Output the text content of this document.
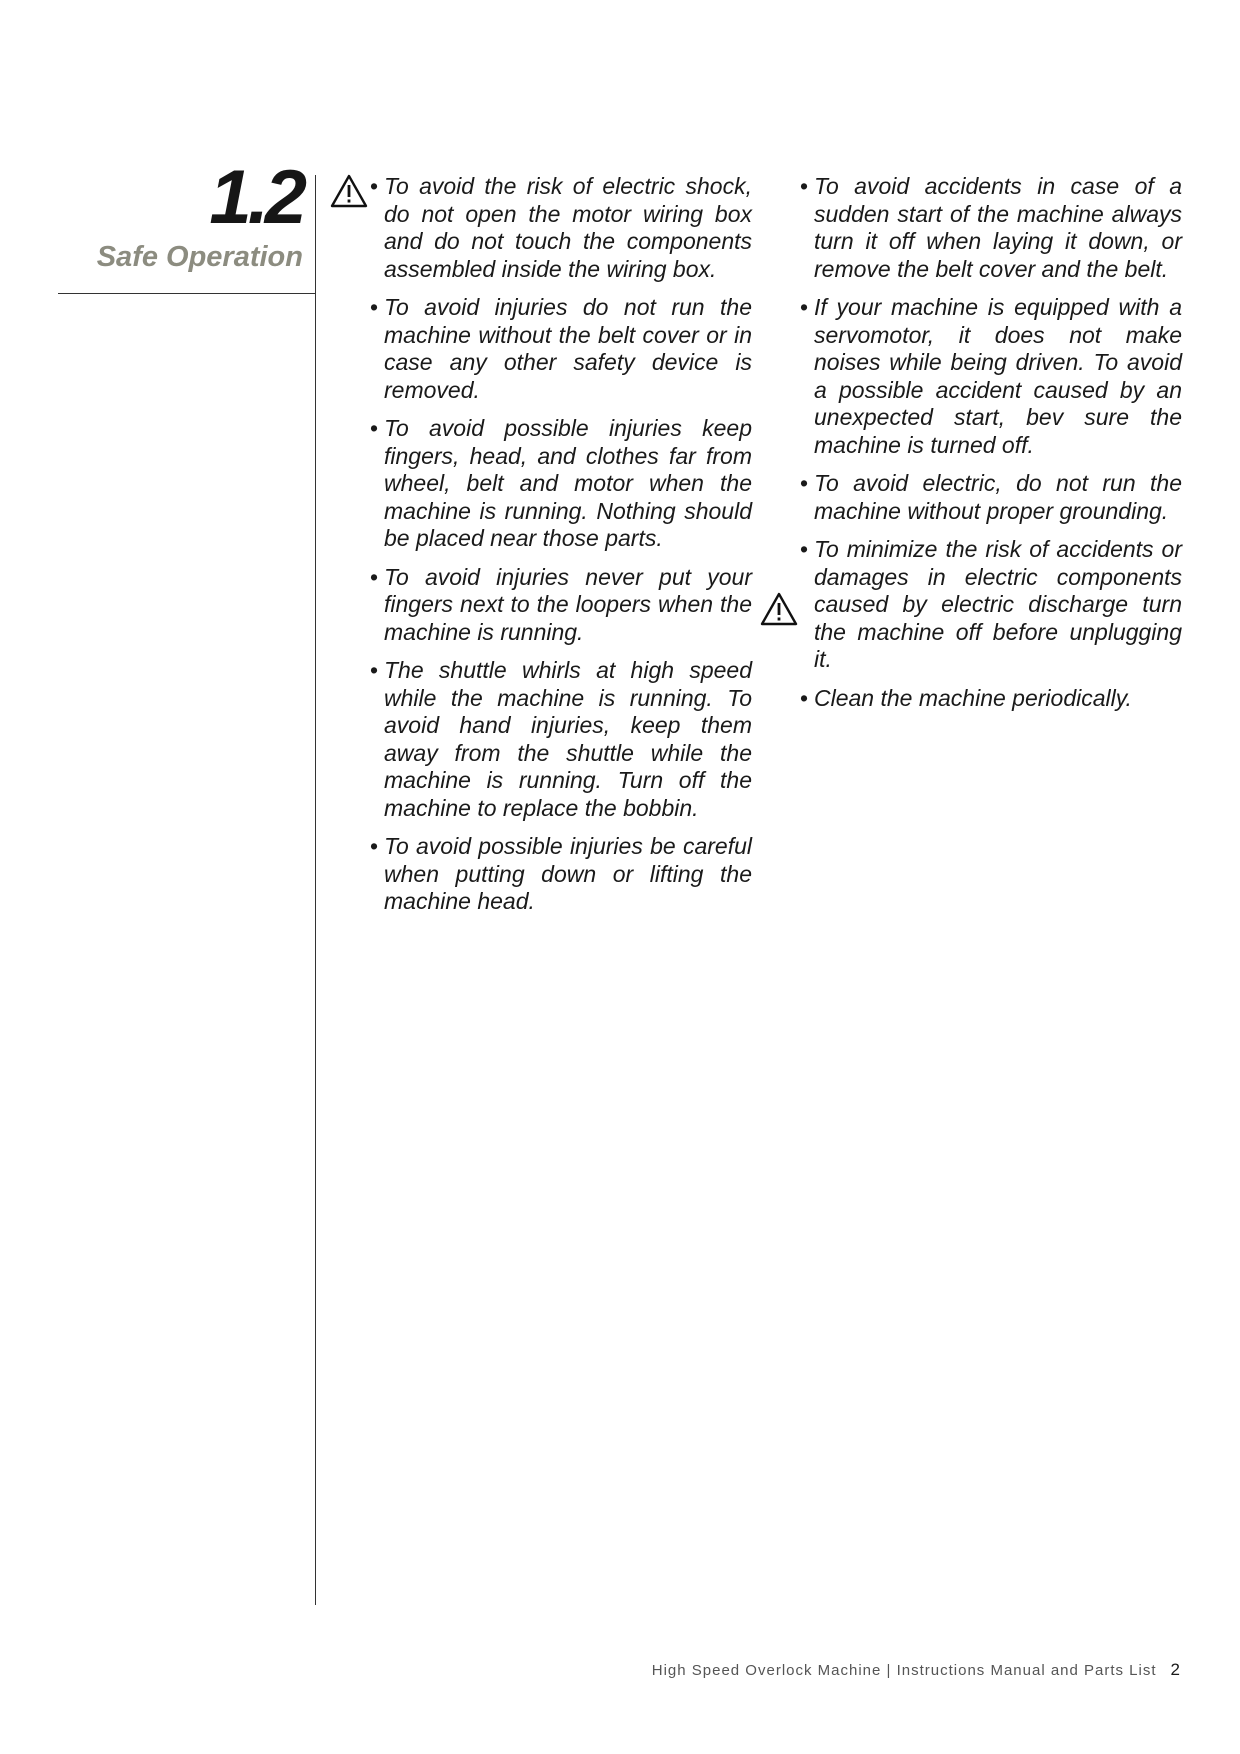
1.2
Safe Operation
• To avoid the risk of electric shock, do not open the motor wiring box and do not touch the components assembled inside the wiring box.
• To avoid injuries do not run the machine without the belt cover or in case any other safety device is removed.
• To avoid possible injuries keep fingers, head, and clothes far from wheel, belt and motor when the machine is running. Nothing should be placed near those parts.
• To avoid injuries never put your fingers next to the loopers when the machine is running.
• The shuttle whirls at high speed while the machine is running. To avoid hand injuries, keep them away from the shuttle while the machine is running. Turn off the machine to replace the bobbin.
• To avoid possible injuries be careful when putting down or lifting the machine head.
• To avoid accidents in case of a sudden start of the machine always turn it off when laying it down, or remove the belt cover and the belt.
• If your machine is equipped with a servomotor, it does not make noises while being driven. To avoid a possible accident caused by an unexpected start, bev sure the machine is turned off.
• To avoid electric, do not run the machine without proper grounding.
• To minimize the risk of accidents or damages in electric components caused by electric discharge turn the machine off before unplugging it.
• Clean the machine periodically.
High Speed Overlock Machine | Instructions Manual and Parts List 2
